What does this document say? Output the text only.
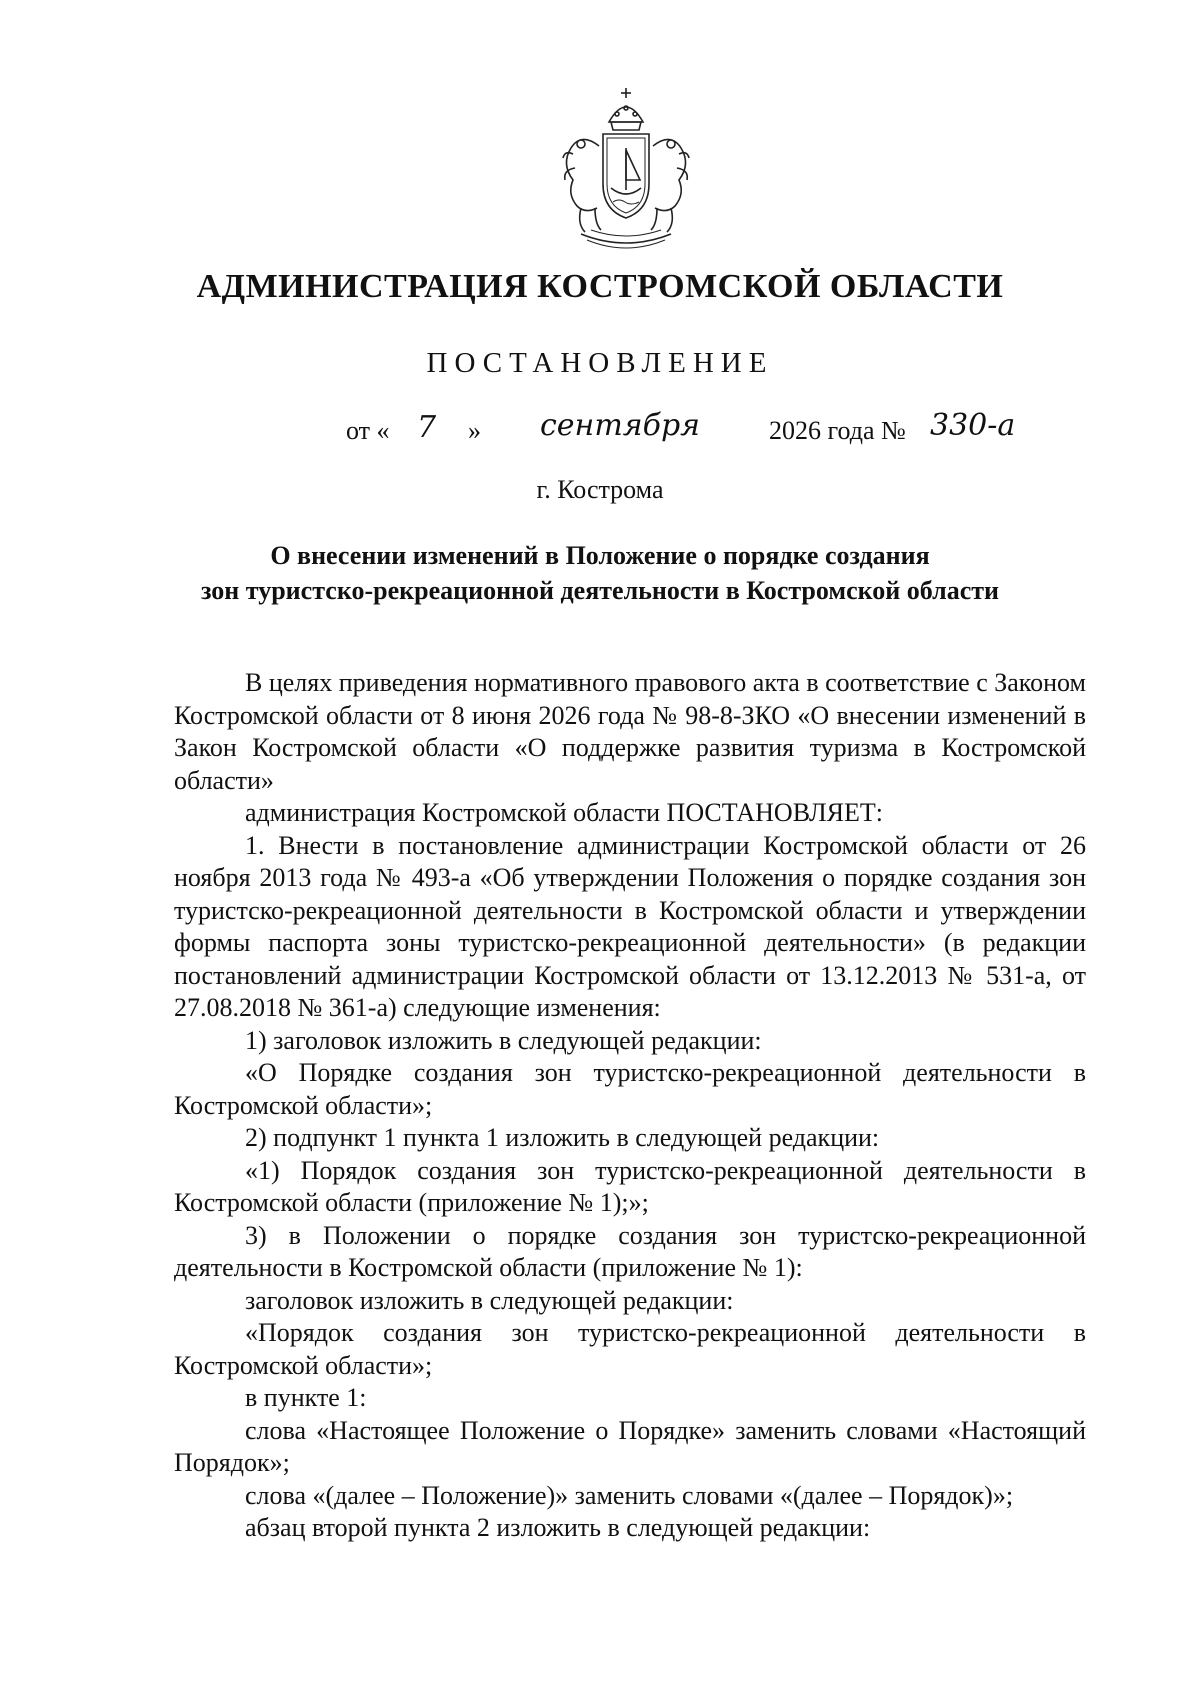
АДМИНИСТРАЦИЯ КОСТРОМСКОЙ ОБЛАСТИ
ПОСТАНОВЛЕНИЕ
от « 7 » сентября	2026 года № 330-а
г. Кострома
О внесении изменений в Положение о порядке создания
зон туристско-рекреационной деятельности в Костромской области

В целях приведения нормативного правового акта в соответствие с Законом Костромской области от 8 июня 2026 года № 98-8-ЗКО «О внесении изменений в Закон Костромской области «О поддержке развития туризма в Костромской области»

администрация Костромской области ПОСТАНОВЛЯЕТ:

1. Внести в постановление администрации Костромской области от 26 ноября 2013 года № 493-а «Об утверждении Положения о порядке создания зон туристско-рекреационной деятельности в Костромской области и утверждении формы паспорта зоны туристско-рекреационной деятельности» (в редакции постановлений администрации Костромской области от 13.12.2013 № 531-а, от 27.08.2018 № 361-а) следующие изменения:

1) заголовок изложить в следующей редакции:

«О Порядке создания зон туристско-рекреационной деятельности в Костромской области»;

2) подпункт 1 пункта 1 изложить в следующей редакции:

«1) Порядок создания зон туристско-рекреационной деятельности в Костромской области (приложение № 1);»;

3) в Положении о порядке создания зон туристско-рекреационной деятельности в Костромской области (приложение № 1):

заголовок изложить в следующей редакции:

«Порядок создания зон туристско-рекреационной деятельности в Костромской области»;

в пункте 1:

слова «Настоящее Положение о Порядке» заменить словами «Настоящий Порядок»;

слова «(далее – Положение)» заменить словами «(далее – Порядок)»;

абзац второй пункта 2 изложить в следующей редакции:
